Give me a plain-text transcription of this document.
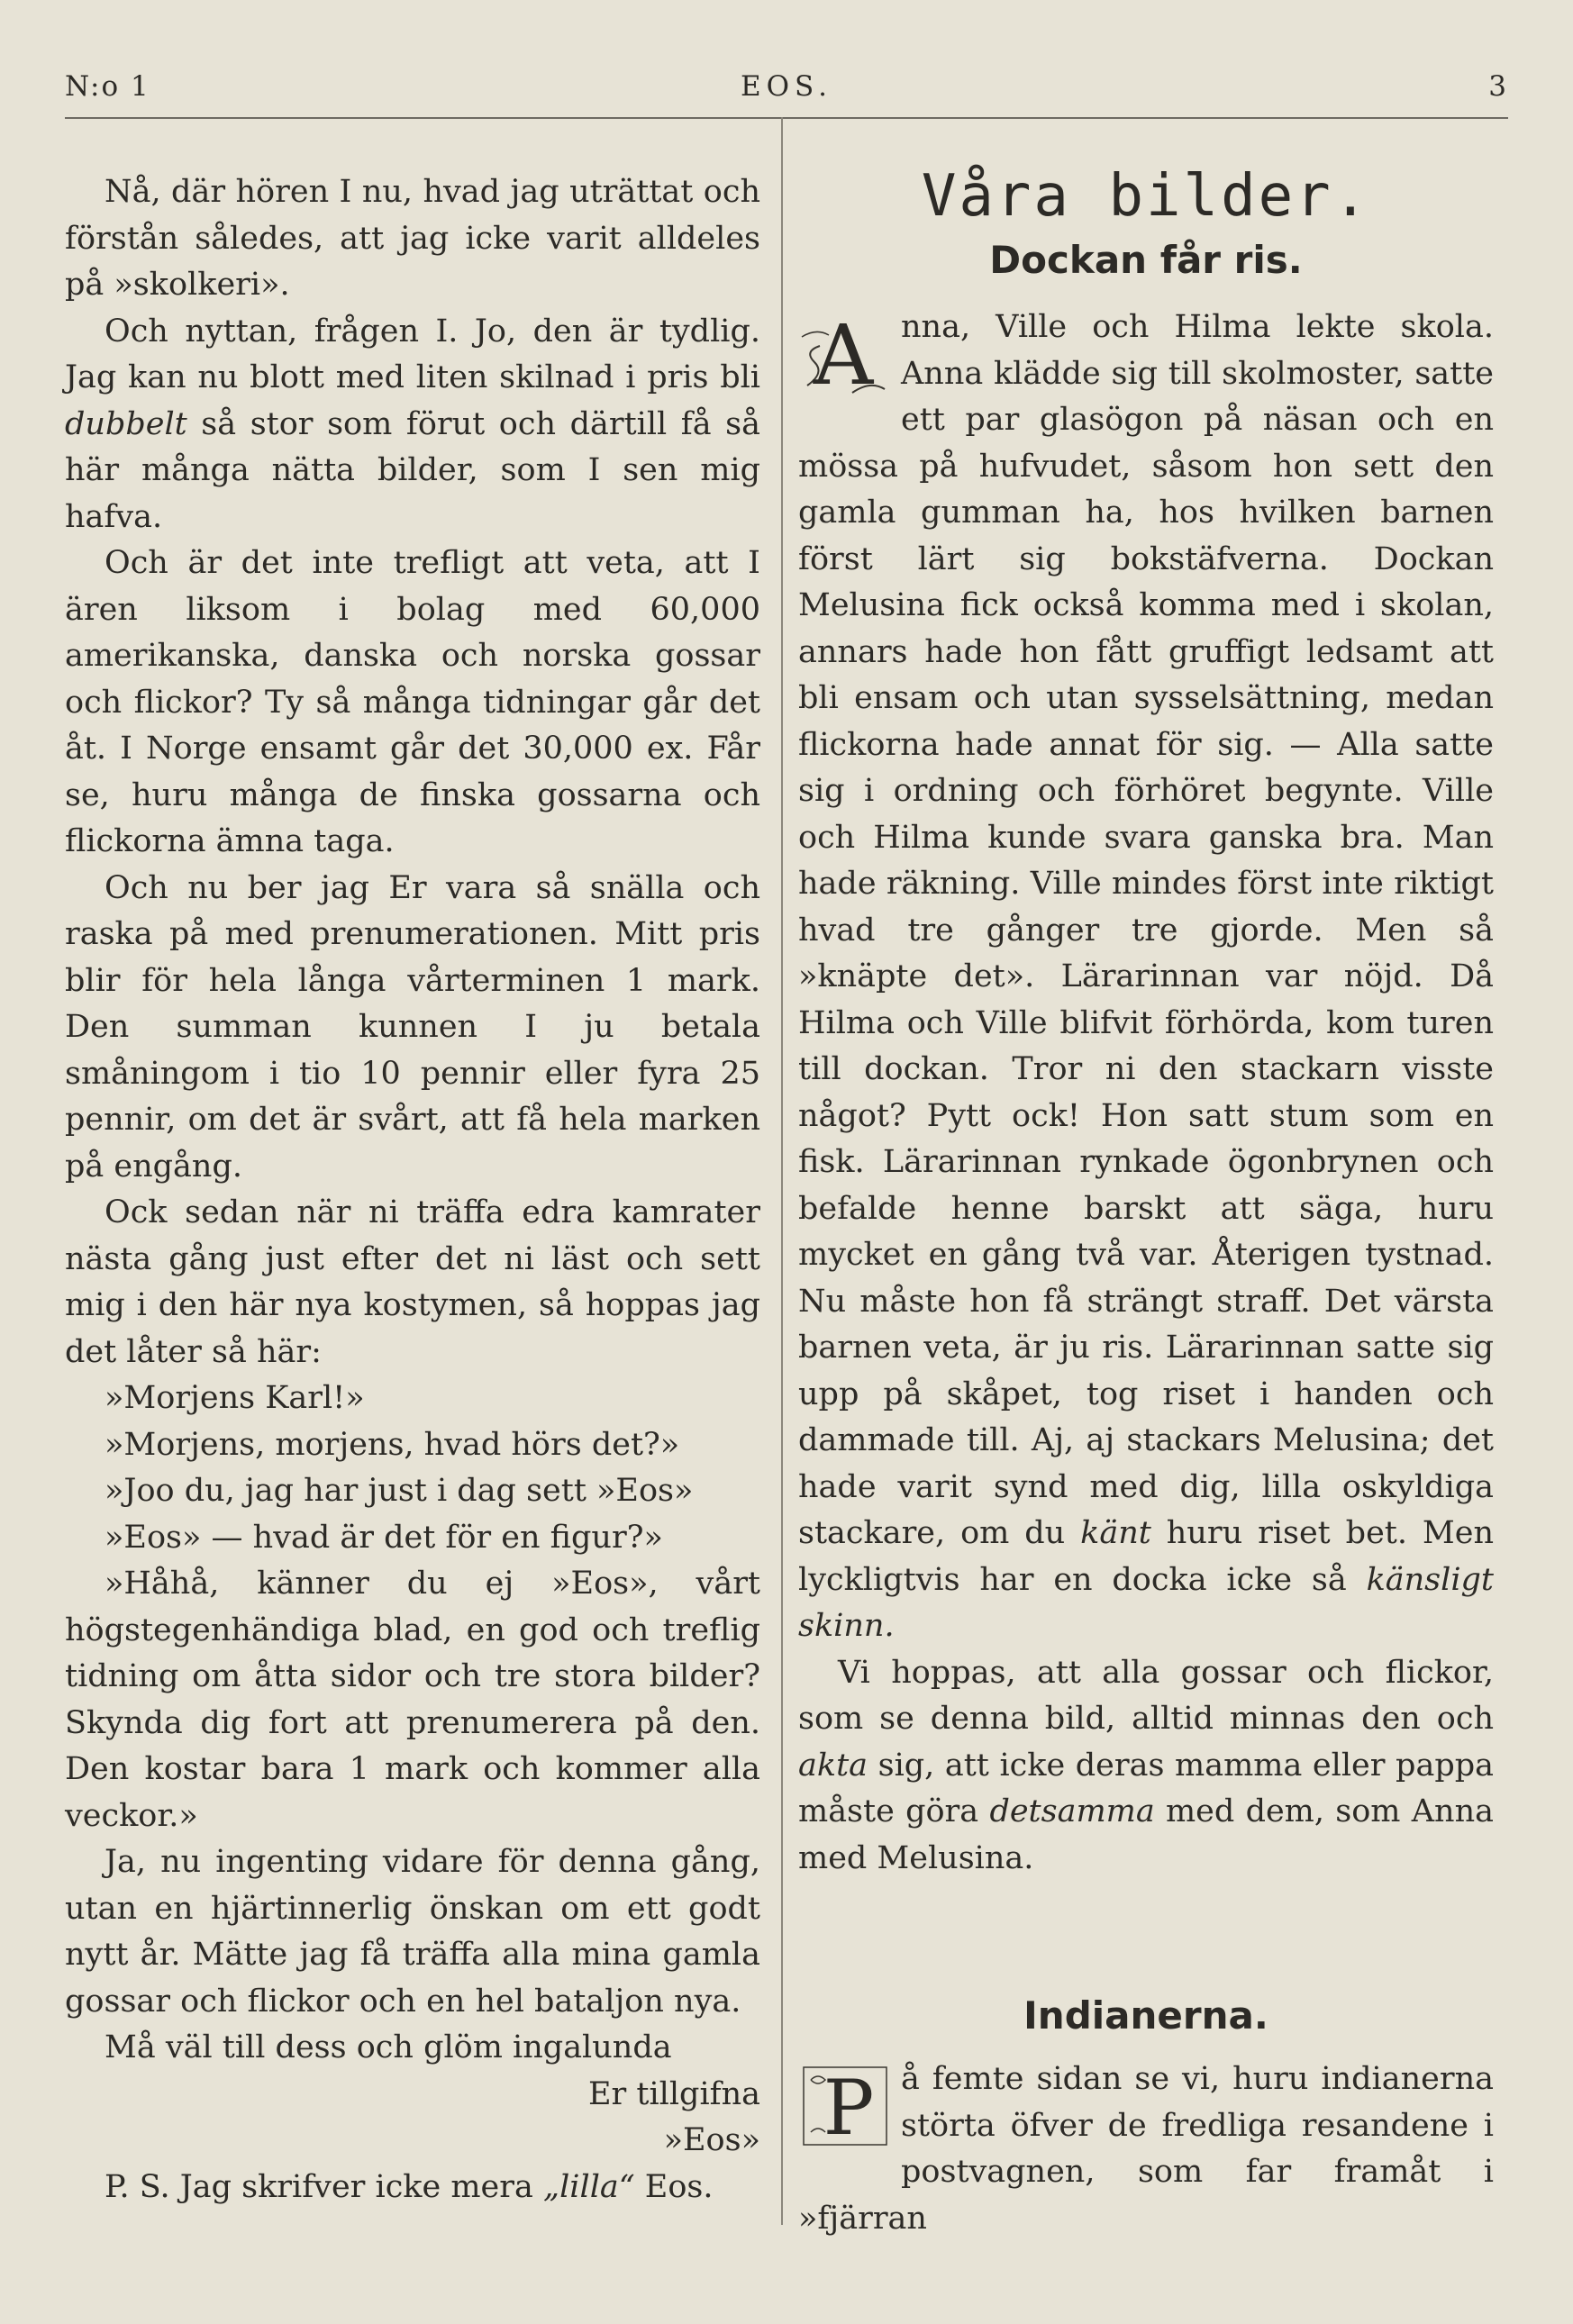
N:o 1	EOS.	3

Nå, där hören I nu, hvad jag uträttat och förstån således, att jag icke varit alldeles på »skolkeri».

Och nyttan, frågen I. Jo, den är tydlig. Jag kan nu blott med liten skilnad i pris bli dubbelt så stor som förut och därtill få så här många nätta bilder, som I sen mig hafva.

Och är det inte trefligt att veta, att I ären liksom i bolag med 60,000 amerikanska, danska och norska gossar och flickor? Ty så många tidningar går det åt. I Norge ensamt går det 30,000 ex. Får se, huru många de finska gossarna och flickorna ämna taga.

Och nu ber jag Er vara så snälla och raska på med prenumerationen. Mitt pris blir för hela långa vårterminen 1 mark. Den summan kunnen I ju betala småningom i tio 10 pennir eller fyra 25 pennir, om det är svårt, att få hela marken på engång.

Ock sedan när ni träffa edra kamrater nästa gång just efter det ni läst och sett mig i den här nya kostymen, så hoppas jag det låter så här:

»Morjens Karl!»

»Morjens, morjens, hvad hörs det?»

»Joo du, jag har just i dag sett »Eos»

»Eos» — hvad är det för en figur?»

»Håhå, känner du ej »Eos», vårt högstegenhändiga blad, en god och treflig tidning om åtta sidor och tre stora bilder? Skynda dig fort att prenumerera på den. Den kostar bara 1 mark och kommer alla veckor.»

Ja, nu ingenting vidare för denna gång, utan en hjärtinnerlig önskan om ett godt nytt år. Mätte jag få träffa alla mina gamla gossar och flickor och en hel bataljon nya.

Må väl till dess och glöm ingalunda

Er tillgifna

»Eos»

P. S. Jag skrifver icke mera „lilla“ Eos.

Våra bilder.
Dockan får ris.

A nna, Ville och Hilma lekte skola. Anna klädde sig till skolmoster, satte ett par glasögon på näsan och en mössa på hufvudet, såsom hon sett den gamla gumman ha, hos hvilken barnen först lärt sig bokstäfverna. Dockan Melusina fick också komma med i skolan, annars hade hon fått gruffigt ledsamt att bli ensam och utan sysselsättning, medan flickorna hade annat för sig. — Alla satte sig i ordning och förhöret begynte. Ville och Hilma kunde svara ganska bra. Man hade räkning. Ville mindes först inte riktigt hvad tre gånger tre gjorde. Men så »knäpte det». Lärarinnan var nöjd. Då Hilma och Ville blifvit förhörda, kom turen till dockan. Tror ni den stackarn visste något? Pytt ock! Hon satt stum som en fisk. Lärarinnan rynkade ögonbrynen och befalde henne barskt att säga, huru mycket en gång två var. Återigen tystnad. Nu måste hon få strängt straff. Det värsta barnen veta, är ju ris. Lärarinnan satte sig upp på skåpet, tog riset i handen och dammade till. Aj, aj stackars Melusina; det hade varit synd med dig, lilla oskyldiga stackare, om du känt huru riset bet. Men lyckligtvis har en docka icke så känsligt skinn.

Vi hoppas, att alla gossar och flickor, som se denna bild, alltid minnas den och akta sig, att icke deras mamma eller pappa måste göra detsamma med dem, som Anna med Melusina.

Indianerna.

P å femte sidan se vi, huru indianerna störta öfver de fredliga resandene i postvagnen, som far framåt i »fjärran
